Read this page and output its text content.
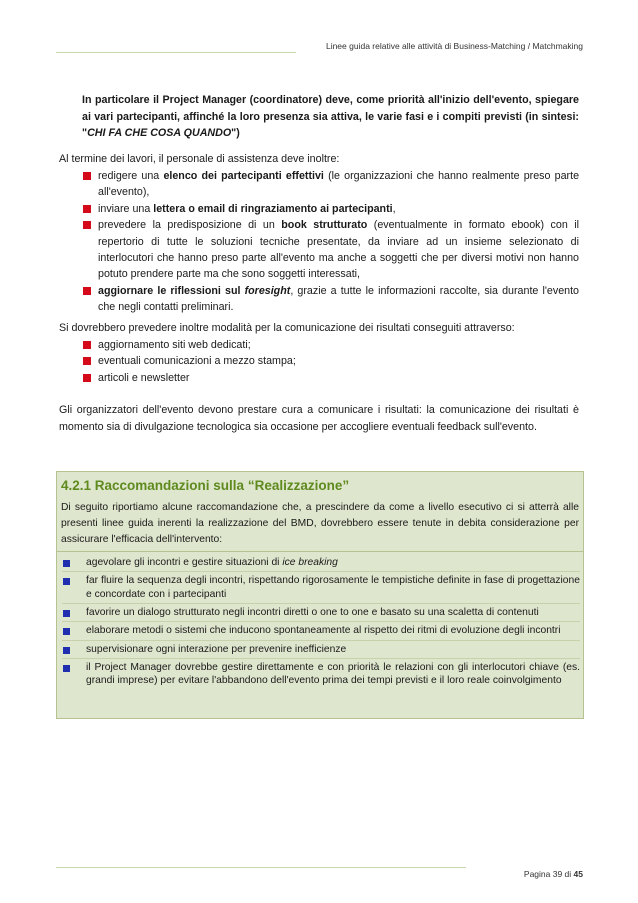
Linee guida relative alle attività di Business-Matching / Matchmaking

In particolare il Project Manager (coordinatore) deve, come priorità all'inizio dell'evento, spiegare ai vari partecipanti, affinché la loro presenza sia attiva, le varie fasi e i compiti previsti (in sintesi: "CHI FA CHE COSA QUANDO")

Al termine dei lavori, il personale di assistenza deve inoltre:

redigere una elenco dei partecipanti effettivi (le organizzazioni che hanno realmente preso parte all'evento),
inviare una lettera o email di ringraziamento ai partecipanti,
prevedere la predisposizione di un book strutturato (eventualmente in formato ebook) con il repertorio di tutte le soluzioni tecniche presentate, da inviare ad un insieme selezionato di interlocutori che hanno preso parte all'evento ma anche a soggetti che per diversi motivi non hanno potuto prendere parte ma che sono soggetti interessati,
aggiornare le riflessioni sul foresight, grazie a tutte le informazioni raccolte, sia durante l'evento che negli contatti preliminari.

Si dovrebbero prevedere inoltre modalità per la comunicazione dei risultati conseguiti attraverso:

aggiornamento siti web dedicati;
eventuali comunicazioni a mezzo stampa;
articoli e newsletter

Gli organizzatori dell'evento devono prestare cura a comunicare i risultati: la comunicazione dei risultati è momento sia di divulgazione tecnologica sia occasione per accogliere eventuali feedback sull'evento.

4.2.1 Raccomandazioni sulla “Realizzazione”

Di seguito riportiamo alcune raccomandazione che, a prescindere da come a livello esecutivo ci si atterrà alle presenti linee guida inerenti la realizzazione del BMD, dovrebbero essere tenute in debita considerazione per assicurare l'efficacia dell'intervento:

agevolare gli incontri e gestire situazioni di ice breaking
far fluire la sequenza degli incontri, rispettando rigorosamente le tempistiche definite in fase di progettazione e concordate con i partecipanti
favorire un dialogo strutturato negli incontri diretti o one to one e basato su una scaletta di contenuti
elaborare metodi o sistemi che inducono spontaneamente al rispetto dei ritmi di evoluzione degli incontri
supervisionare ogni interazione per prevenire inefficienze
il Project Manager dovrebbe gestire direttamente e con priorità le relazioni con gli interlocutori chiave (es. grandi imprese) per evitare l'abbandono dell'evento prima dei tempi previsti e il loro reale coinvolgimento
Pagina 39 di 45
